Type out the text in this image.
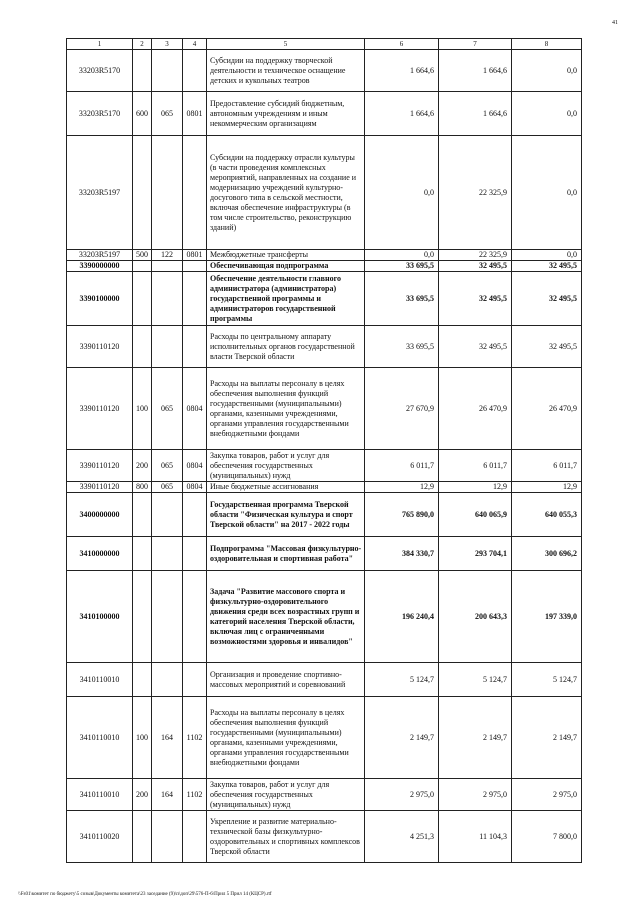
41
1	2	3	4	5	6	7	8
33203R5170				Субсидии на поддержку творческой деятельности и техническое оснащение детских и кукольных театров	1 664,6	1 664,6	0,0
33203R5170	600	065	0801	Предоставление субсидий бюджетным, автономным учреждениям и иным некоммерческим организациям	1 664,6	1 664,6	0,0
33203R5197				Субсидии на поддержку отрасли культуры (в части проведения комплексных мероприятий, направленных на создание и модернизацию учреждений культурно-досугового типа в сельской местности, включая обеспечение инфраструктуры (в том числе строительство, реконструкцию зданий)	0,0	22 325,9	0,0
33203R5197	500	122	0801	Межбюджетные трансферты	0,0	22 325,9	0,0
3390000000				Обеспечивающая подпрограмма	33 695,5	32 495,5	32 495,5
3390100000				Обеспечение деятельности главного администратора (администратора) государственной программы и администраторов государственной программы	33 695,5	32 495,5	32 495,5
3390110120				Расходы по центральному аппарату исполнительных органов государственной власти Тверской области	33 695,5	32 495,5	32 495,5
3390110120	100	065	0804	Расходы на выплаты персоналу в целях обеспечения выполнения функций государственными (муниципальными) органами, казенными учреждениями, органами управления государственными внебюджетными фондами	27 670,9	26 470,9	26 470,9
3390110120	200	065	0804	Закупка товаров, работ и услуг для обеспечения государственных (муниципальных) нужд	6 011,7	6 011,7	6 011,7
3390110120	800	065	0804	Иные бюджетные ассигнования	12,9	12,9	12,9
3400000000				Государственная программа Тверской области "Физическая культура и спорт Тверской области" на 2017 - 2022 годы	765 890,0	640 065,9	640 055,3
3410000000				Подпрограмма "Массовая физкультурно-оздоровительная и спортивная работа"	384 330,7	293 704,1	300 696,2
3410100000				Задача "Развитие массового спорта и физкультурно-оздоровительного движения среди всех возрастных групп и категорий населения Тверской области, включая лиц с ограниченными возможностями здоровья и инвалидов"	196 240,4	200 643,3	197 339,0
3410110010				Организация и проведение спортивно-массовых мероприятий и соревнований	5 124,7	5 124,7	5 124,7
3410110010	100	164	1102	Расходы на выплаты персоналу в целях обеспечения выполнения функций государственными (муниципальными) органами, казенными учреждениями, органами управления государственными внебюджетными фондами	2 149,7	2 149,7	2 149,7
3410110010	200	164	1102	Закупка товаров, работ и услуг для обеспечения государственных (муниципальных) нужд	2 975,0	2 975,0	2 975,0
3410110020				Укрепление и развитие материально-технической базы физкультурно-оздоровительных и спортивных комплексов Тверской области	4 251,3	11 104,3	7 800,0
\\Fs01\комитет по бюджету\5 созыв\Документы комитета\23 заседание (9)\п\доп\29\576-П-6\Прил 5 Прил 14 (КЦСР).rtf
